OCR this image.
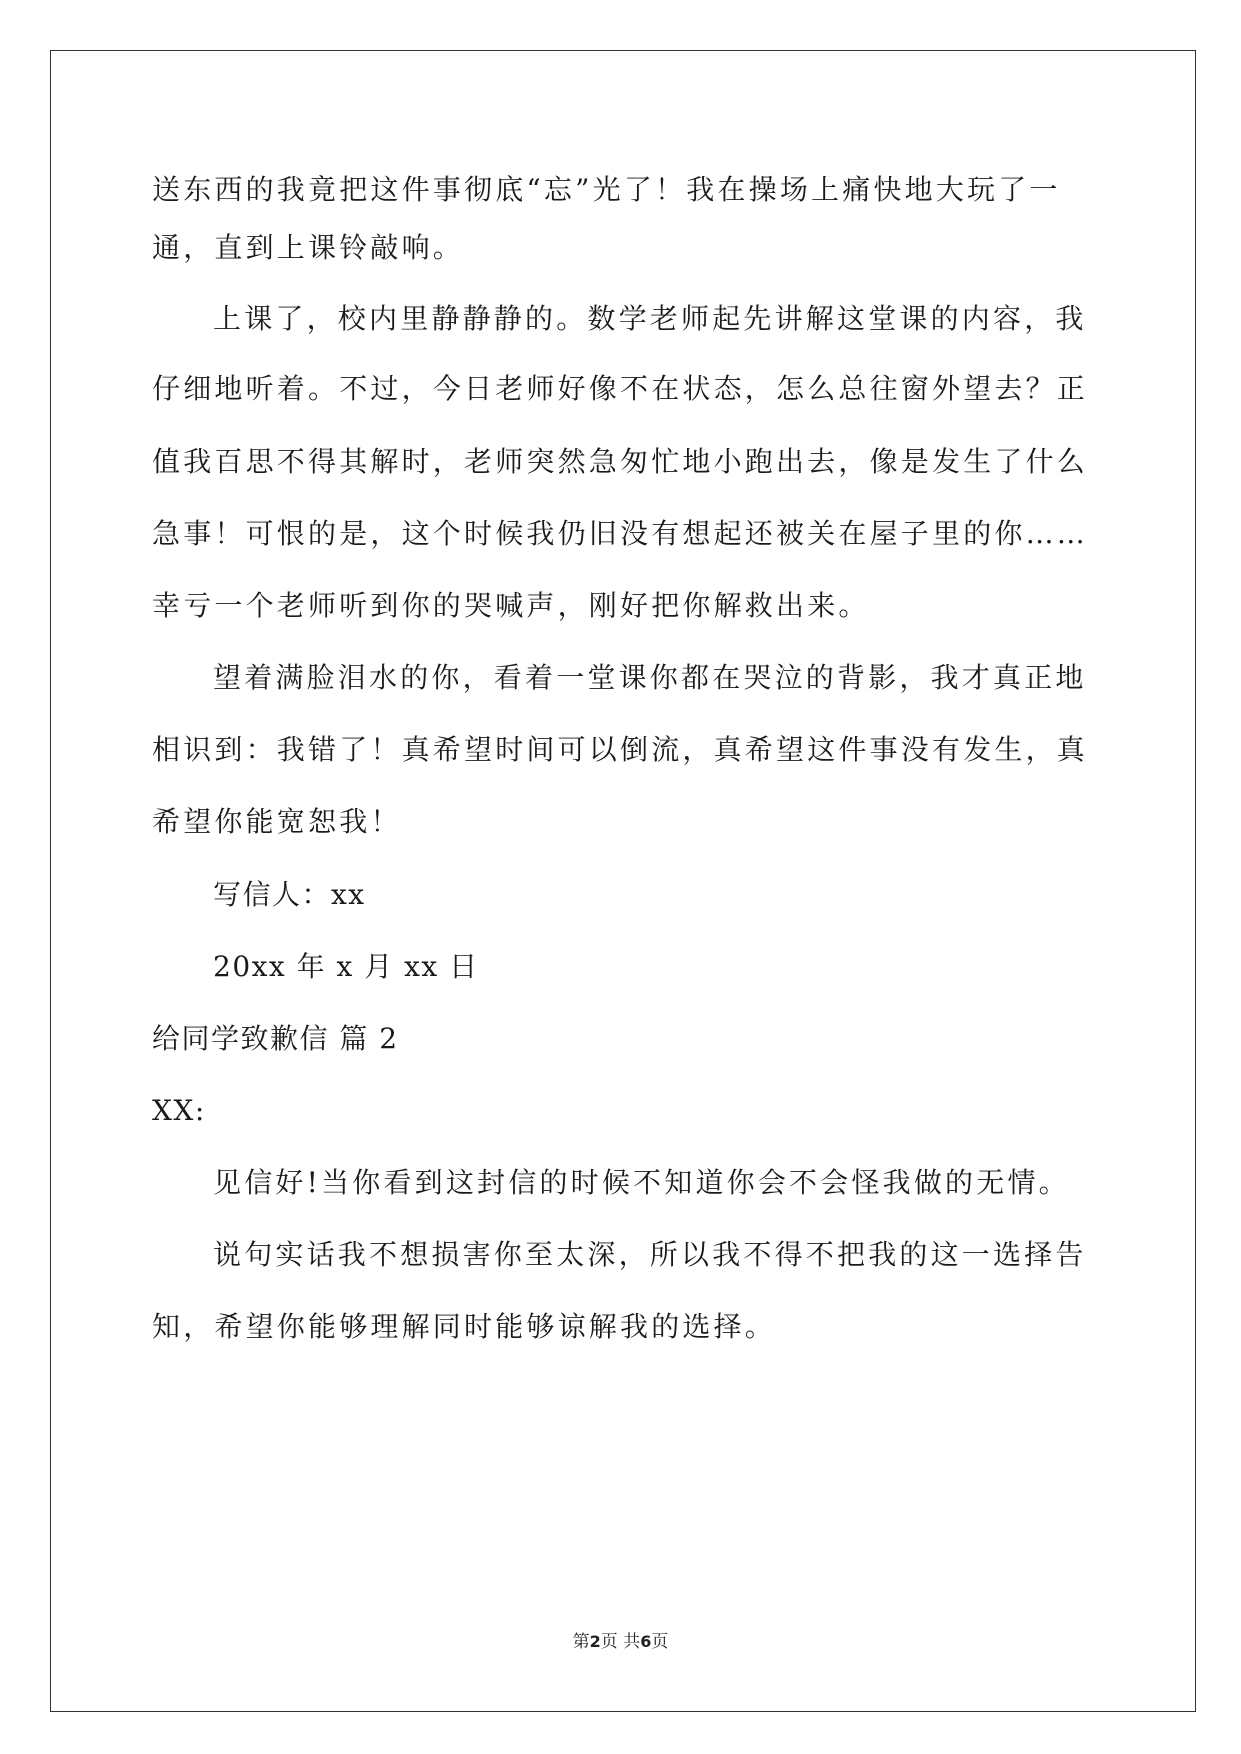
送东西的我竟把这件事彻底“忘”光了！我在操场上痛快地大玩了一
通，直到上课铃敲响。
上课了，校内里静静静的。数学老师起先讲解这堂课的内容，我
仔细地听着。不过，今日老师好像不在状态，怎么总往窗外望去？正
值我百思不得其解时，老师突然急匆忙地小跑出去，像是发生了什么
急事！可恨的是，这个时候我仍旧没有想起还被关在屋子里的你……
幸亏一个老师听到你的哭喊声，刚好把你解救出来。
望着满脸泪水的你，看着一堂课你都在哭泣的背影，我才真正地
相识到：我错了！真希望时间可以倒流，真希望这件事没有发生，真
希望你能宽恕我！
写信人：xx
20xx 年 x 月 xx 日
给同学致歉信 篇 2
XX:
见信好!当你看到这封信的时候不知道你会不会怪我做的无情。
说句实话我不想损害你至太深，所以我不得不把我的这一选择告
知，希望你能够理解同时能够谅解我的选择。
第2页 共6页
